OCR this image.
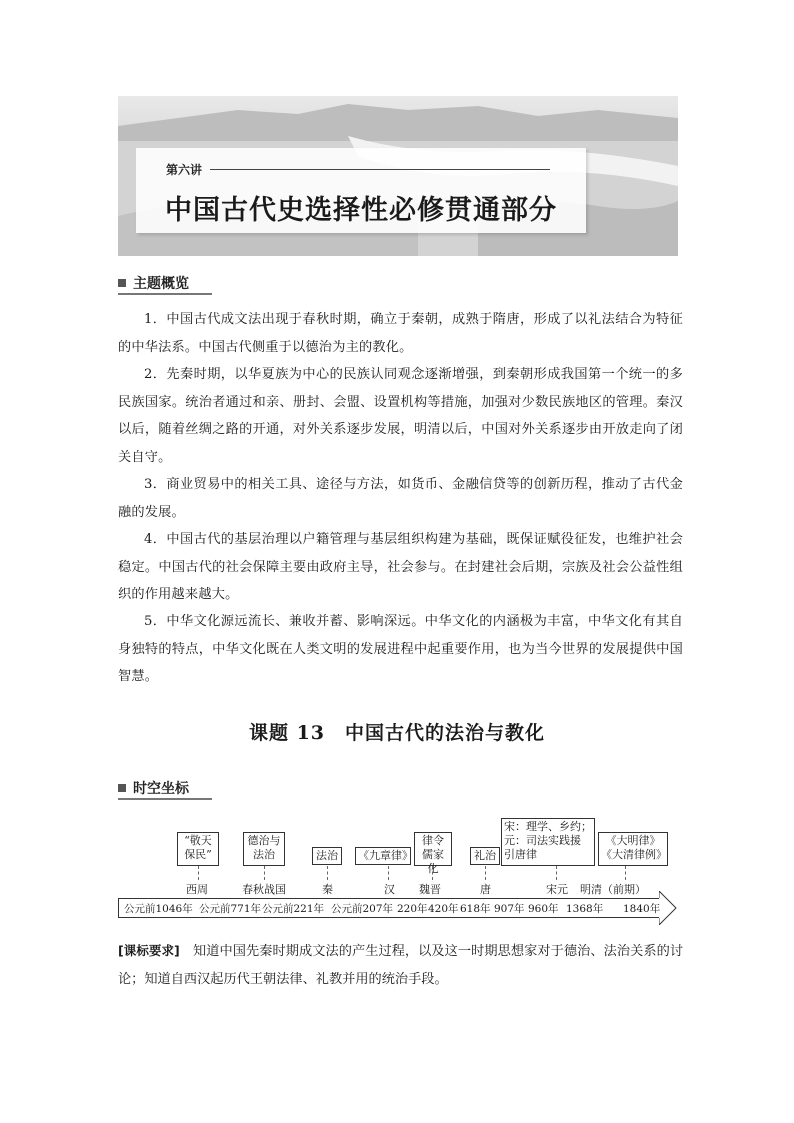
第六讲
中国古代史选择性必修贯通部分
主题概览

1．中国古代成文法出现于春秋时期，确立于秦朝，成熟于隋唐，形成了以礼法结合为特征的中华法系。中国古代侧重于以德治为主的教化。

2．先秦时期，以华夏族为中心的民族认同观念逐渐增强，到秦朝形成我国第一个统一的多民族国家。统治者通过和亲、册封、会盟、设置机构等措施，加强对少数民族地区的管理。秦汉以后，随着丝绸之路的开通，对外关系逐步发展，明清以后，中国对外关系逐步由开放走向了闭关自守。

3．商业贸易中的相关工具、途径与方法，如货币、金融信贷等的创新历程，推动了古代金融的发展。

4．中国古代的基层治理以户籍管理与基层组织构建为基础，既保证赋役征发，也维护社会稳定。中国古代的社会保障主要由政府主导，社会参与。在封建社会后期，宗族及社会公益性组织的作用越来越大。

5．中华文化源远流长、兼收并蓄、影响深远。中华文化的内涵极为丰富，中华文化有其自身独特的特点，中华文化既在人类文明的发展进程中起重要作用，也为当今世界的发展提供中国智慧。

课题 13　中国古代的法治与教化
时空坐标
“敬天
保民”
德治与
法治	法治	《九章律》
律令
儒家化
礼治
宋：理学、乡约；
元：司法实践援
引唐律
《大明律》
《大清律例》
西周	春秋战国	秦	汉 魏晋	唐	宋元 明清（前期）
公元前1046年 公元前771年 公元前221年 公元前207年 220年 420年 618年 907年 960年 1368年 1840年

[课标要求]　 知道中国先秦时期成文法的产生过程，以及这一时期思想家对于德治、法治关系的讨论；知道自西汉起历代王朝法律、礼教并用的统治手段。
